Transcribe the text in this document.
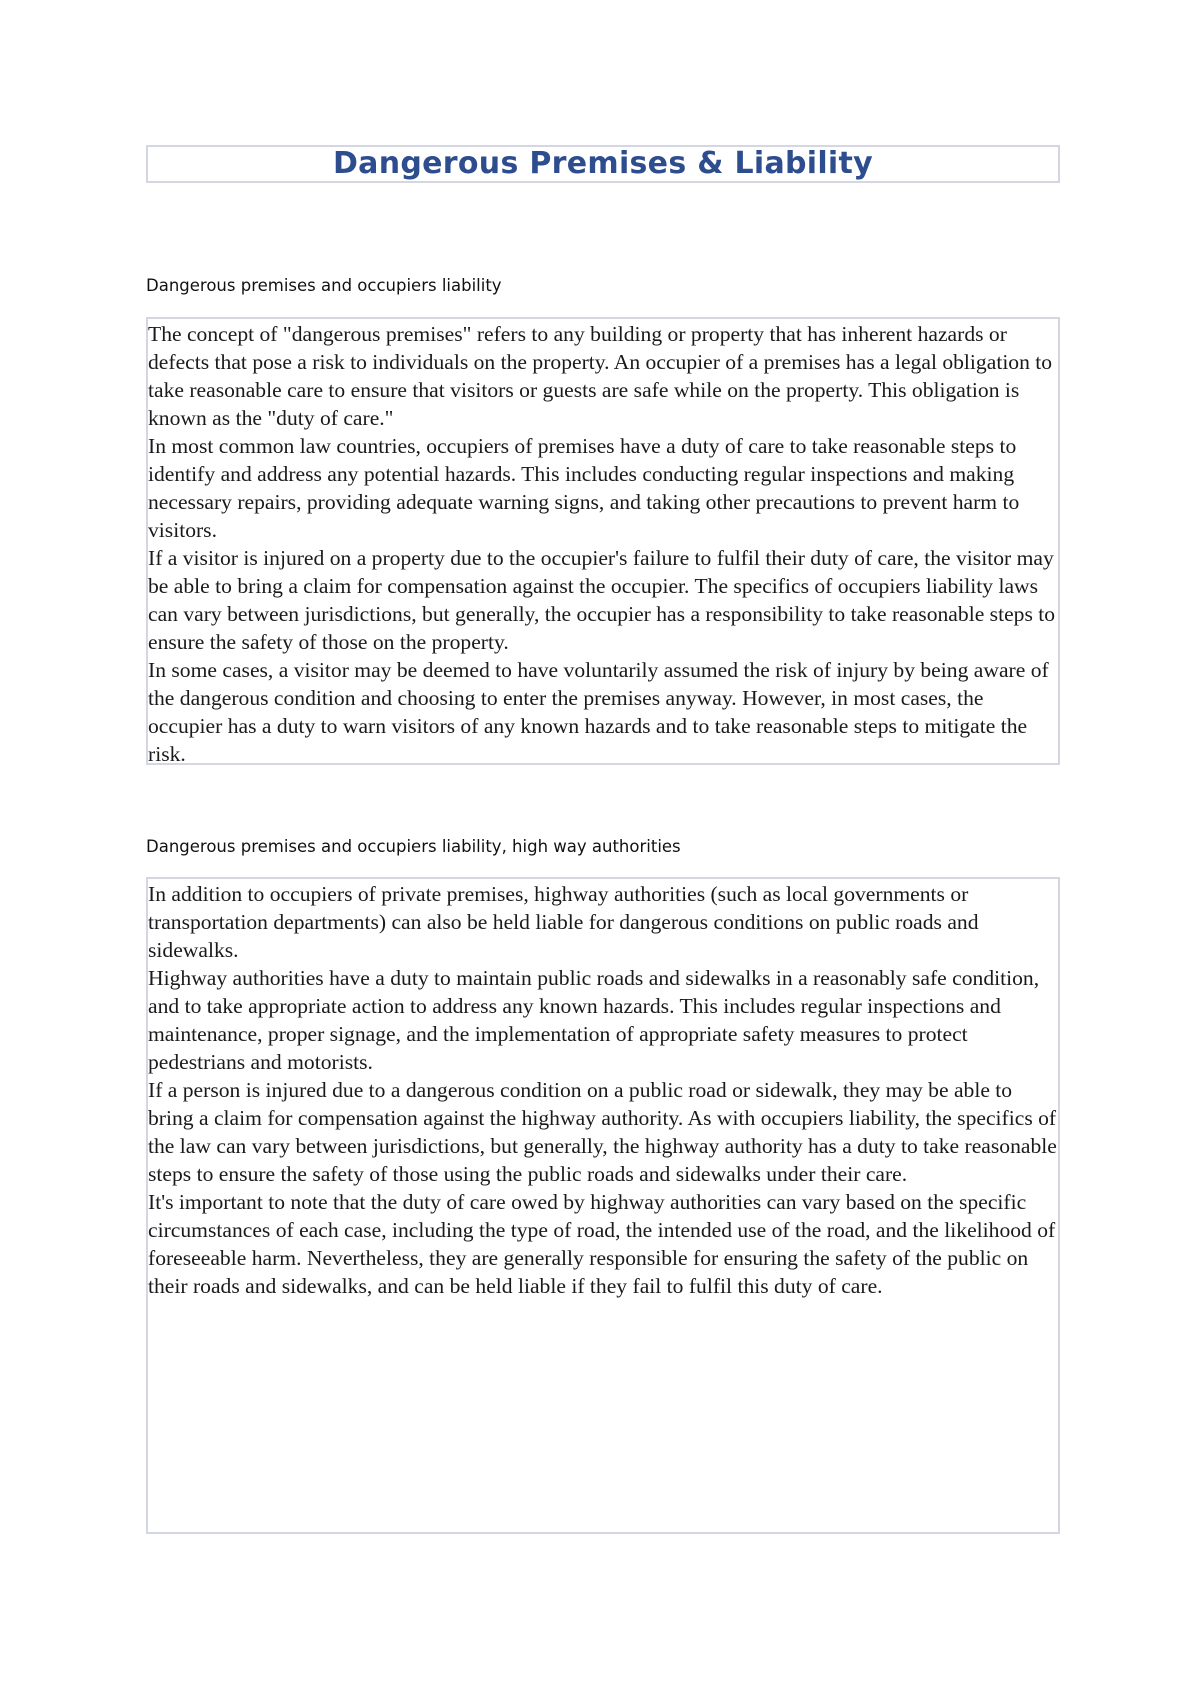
Dangerous Premises & Liability
Dangerous premises and occupiers liability

The concept of "dangerous premises" refers to any building or property that has inherent hazards or defects that pose a risk to individuals on the property. An occupier of a premises has a legal obligation to take reasonable care to ensure that visitors or guests are safe while on the property. This obligation is known as the "duty of care."

In most common law countries, occupiers of premises have a duty of care to take reasonable steps to identify and address any potential hazards. This includes conducting regular inspections and making necessary repairs, providing adequate warning signs, and taking other precautions to prevent harm to visitors.

If a visitor is injured on a property due to the occupier's failure to fulfil their duty of care, the visitor may be able to bring a claim for compensation against the occupier. The specifics of occupiers liability laws can vary between jurisdictions, but generally, the occupier has a responsibility to take reasonable steps to ensure the safety of those on the property.

In some cases, a visitor may be deemed to have voluntarily assumed the risk of injury by being aware of the dangerous condition and choosing to enter the premises anyway. However, in most cases, the occupier has a duty to warn visitors of any known hazards and to take reasonable steps to mitigate the risk.

Dangerous premises and occupiers liability, high way authorities

In addition to occupiers of private premises, highway authorities (such as local governments or transportation departments) can also be held liable for dangerous conditions on public roads and sidewalks.

Highway authorities have a duty to maintain public roads and sidewalks in a reasonably safe condition, and to take appropriate action to address any known hazards. This includes regular inspections and maintenance, proper signage, and the implementation of appropriate safety measures to protect pedestrians and motorists.

If a person is injured due to a dangerous condition on a public road or sidewalk, they may be able to bring a claim for compensation against the highway authority. As with occupiers liability, the specifics of the law can vary between jurisdictions, but generally, the highway authority has a duty to take reasonable steps to ensure the safety of those using the public roads and sidewalks under their care.

It's important to note that the duty of care owed by highway authorities can vary based on the specific circumstances of each case, including the type of road, the intended use of the road, and the likelihood of foreseeable harm. Nevertheless, they are generally responsible for ensuring the safety of the public on their roads and sidewalks, and can be held liable if they fail to fulfil this duty of care.
